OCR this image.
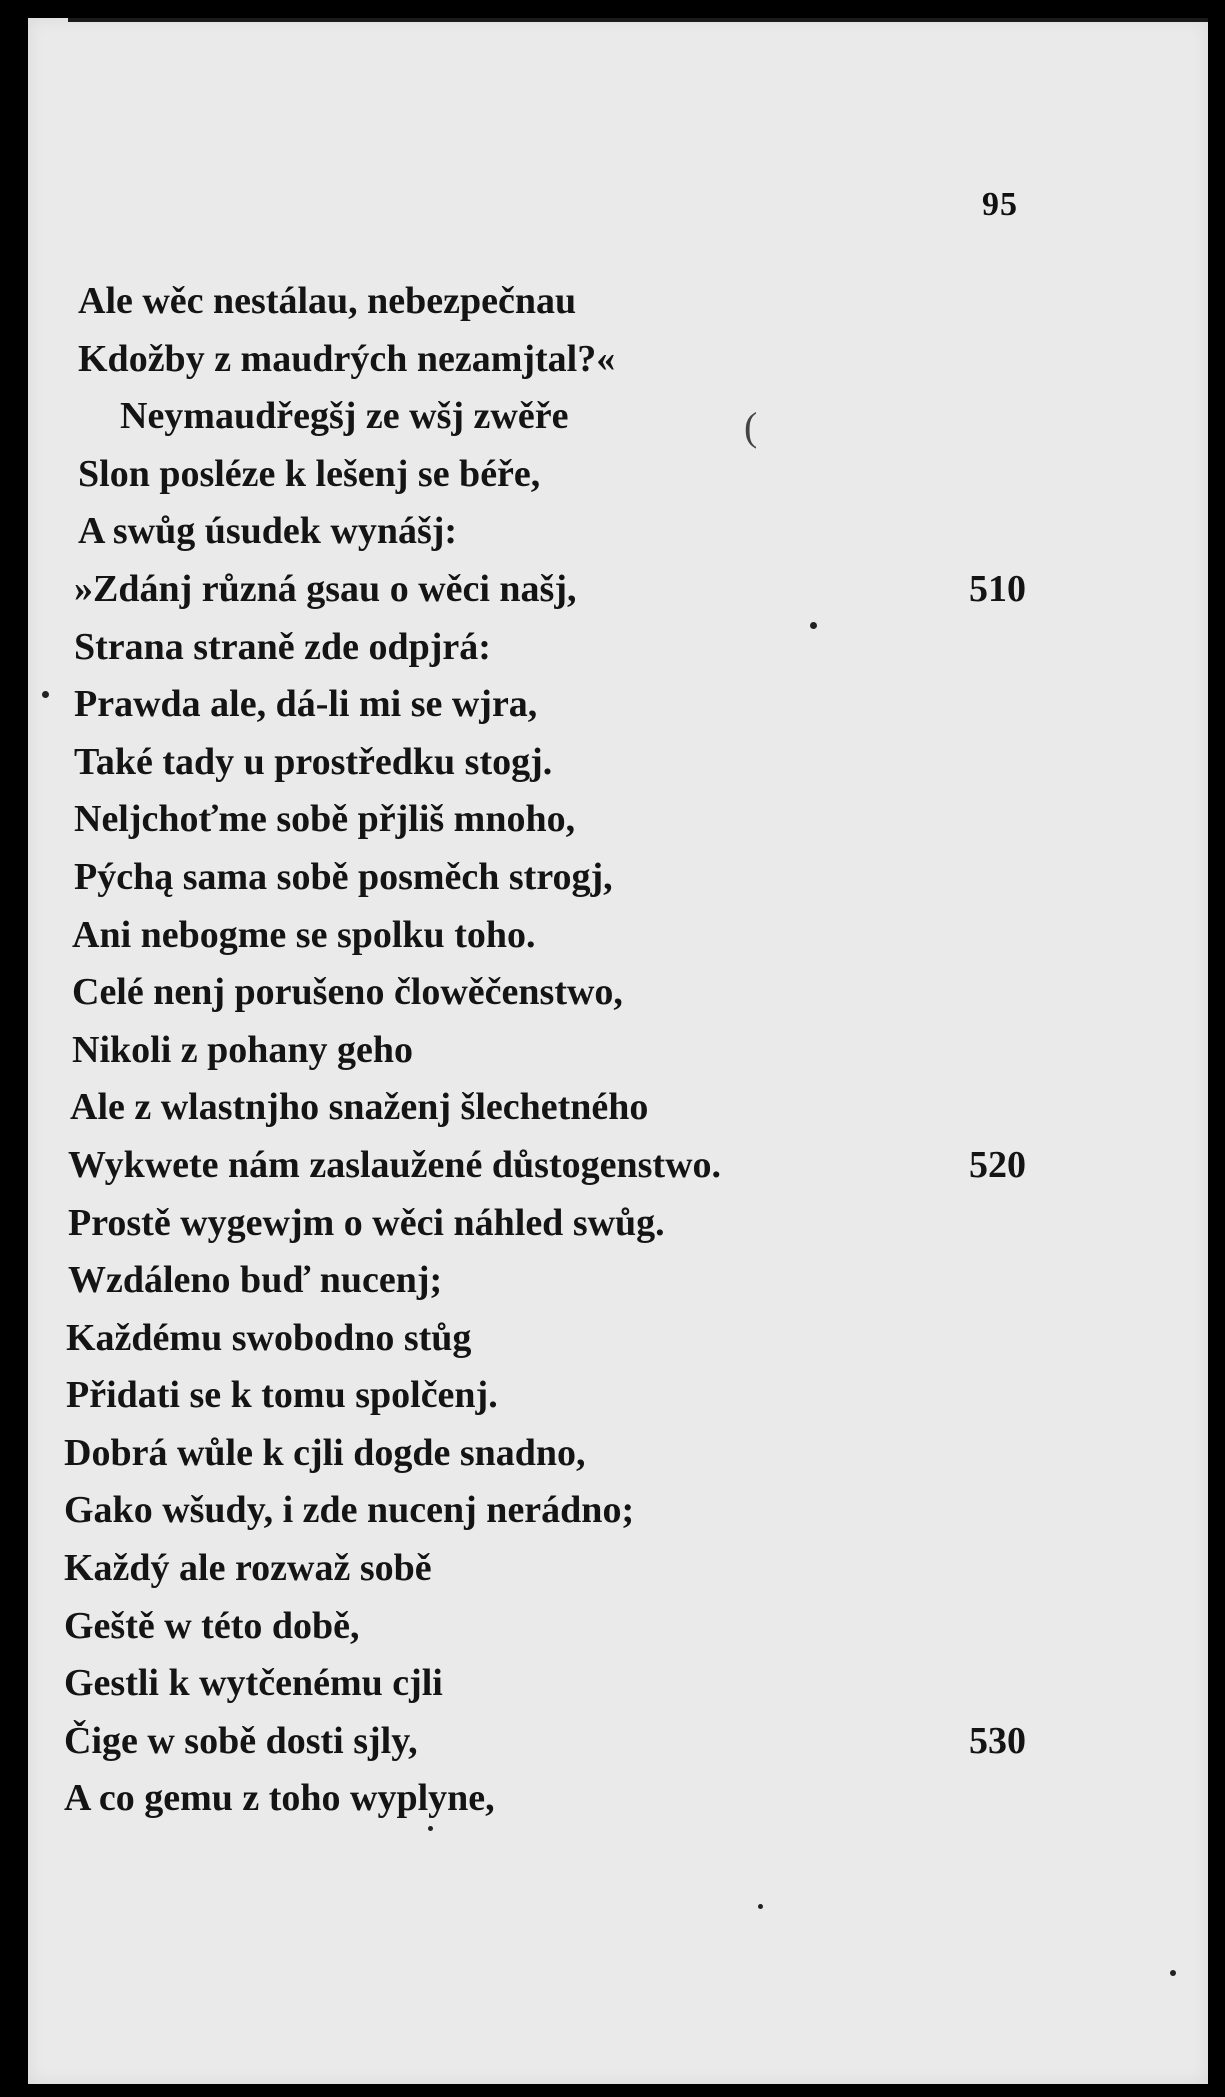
95
Ale wěc nestálau, nebezpečnau
Kdožby z maudrých nezamjtal?«
Neymaudřegšj ze wšj zwěře
Slon posléze k lešenj se béře,
A swůg úsudek wynášj:
»Zdánj různá gsau o wěci našj,	510
Strana straně zde odpjrá:
Prawda ale, dá-li mi se wjra,
Také tady u prostředku stogj.
Neljchoťme sobě přjliš mnoho,
Pýchą sama sobě posměch strogj,
Ani nebogme se spolku toho.
Celé nenj porušeno člowěčenstwo,
Nikoli z pohany geho
Ale z wlastnjho snaženj šlechetného
Wykwete nám zaslaužené důstogenstwo.	520
Prostě wygewjm o wěci náhled swůg.
Wzdáleno buď nucenj;
Každému swobodno stůg
Přidati se k tomu spolčenj.
Dobrá wůle k cjli dogde snadno,
Gako wšudy, i zde nucenj nerádno;
Každý ale rozwaž sobě
Geště w této době,
Gestli k wytčenému cjli
Čige w sobě dosti sjly,	530
A co gemu z toho wyplyne,
(
